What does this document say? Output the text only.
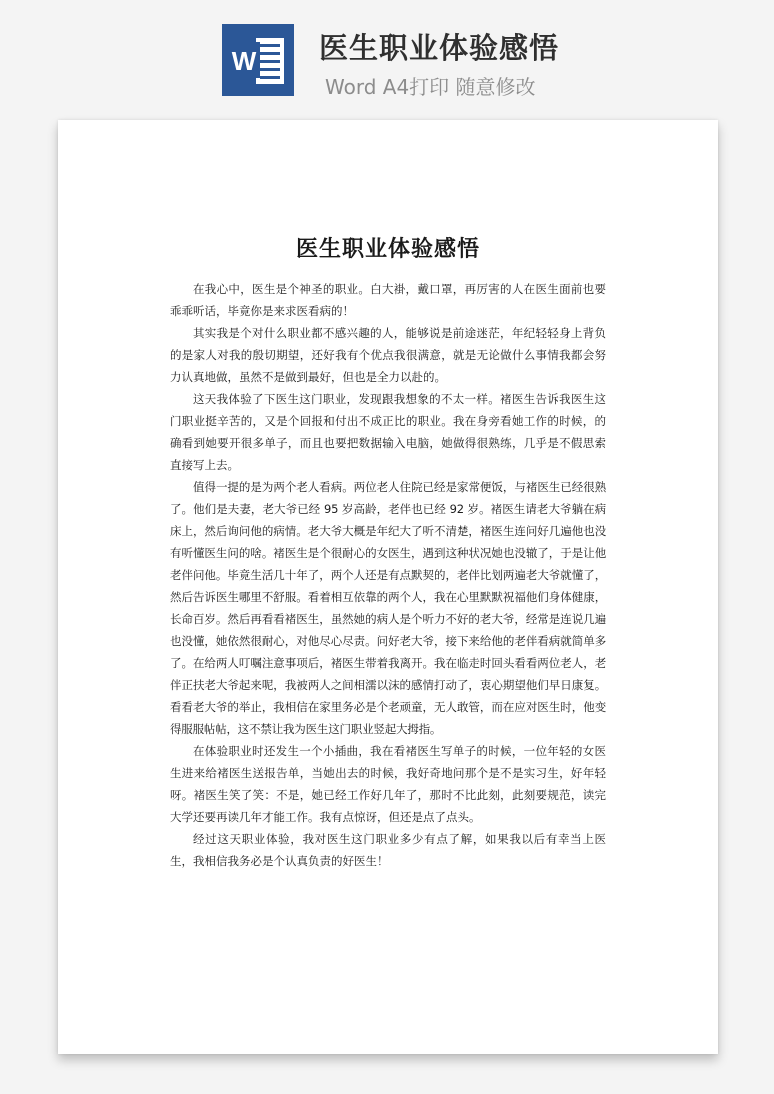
W 医生职业体验感悟
Word A4打印 随意修改
医生职业体验感悟

在我心中，医生是个神圣的职业。白大褂，戴口罩，再厉害的人在医生面前也要乖乖听话，毕竟你是来求医看病的！

其实我是个对什么职业都不感兴趣的人，能够说是前途迷茫，年纪轻轻身上背负的是家人对我的殷切期望，还好我有个优点我很满意，就是无论做什么事情我都会努力认真地做，虽然不是做到最好，但也是全力以赴的。

这天我体验了下医生这门职业，发现跟我想象的不太一样。褚医生告诉我医生这门职业挺辛苦的，又是个回报和付出不成正比的职业。我在身旁看她工作的时候，的确看到她要开很多单子，而且也要把数据输入电脑，她做得很熟练，几乎是不假思索直接写上去。

值得一提的是为两个老人看病。两位老人住院已经是家常便饭，与褚医生已经很熟了。他们是夫妻，老大爷已经 95 岁高龄，老伴也已经 92 岁。褚医生请老大爷躺在病床上，然后询问他的病情。老大爷大概是年纪大了听不清楚，褚医生连问好几遍他也没有听懂医生问的啥。褚医生是个很耐心的女医生，遇到这种状况她也没辙了，于是让他老伴问他。毕竟生活几十年了，两个人还是有点默契的，老伴比划两遍老大爷就懂了，然后告诉医生哪里不舒服。看着相互依靠的两个人，我在心里默默祝福他们身体健康，长命百岁。然后再看看褚医生，虽然她的病人是个听力不好的老大爷，经常是连说几遍也没懂，她依然很耐心，对他尽心尽责。问好老大爷，接下来给他的老伴看病就简单多了。在给两人叮嘱注意事项后，褚医生带着我离开。我在临走时回头看看两位老人，老伴正扶老大爷起来呢，我被两人之间相濡以沫的感情打动了，衷心期望他们早日康复。看看老大爷的举止，我相信在家里务必是个老顽童，无人敢管，而在应对医生时，他变得服服帖帖，这不禁让我为医生这门职业竖起大拇指。

在体验职业时还发生一个小插曲，我在看褚医生写单子的时候，一位年轻的女医生进来给褚医生送报告单，当她出去的时候，我好奇地问那个是不是实习生，好年轻呀。褚医生笑了笑：不是，她已经工作好几年了，那时不比此刻，此刻要规范，读完大学还要再读几年才能工作。我有点惊讶，但还是点了点头。

经过这天职业体验，我对医生这门职业多少有点了解，如果我以后有幸当上医生，我相信我务必是个认真负责的好医生！
